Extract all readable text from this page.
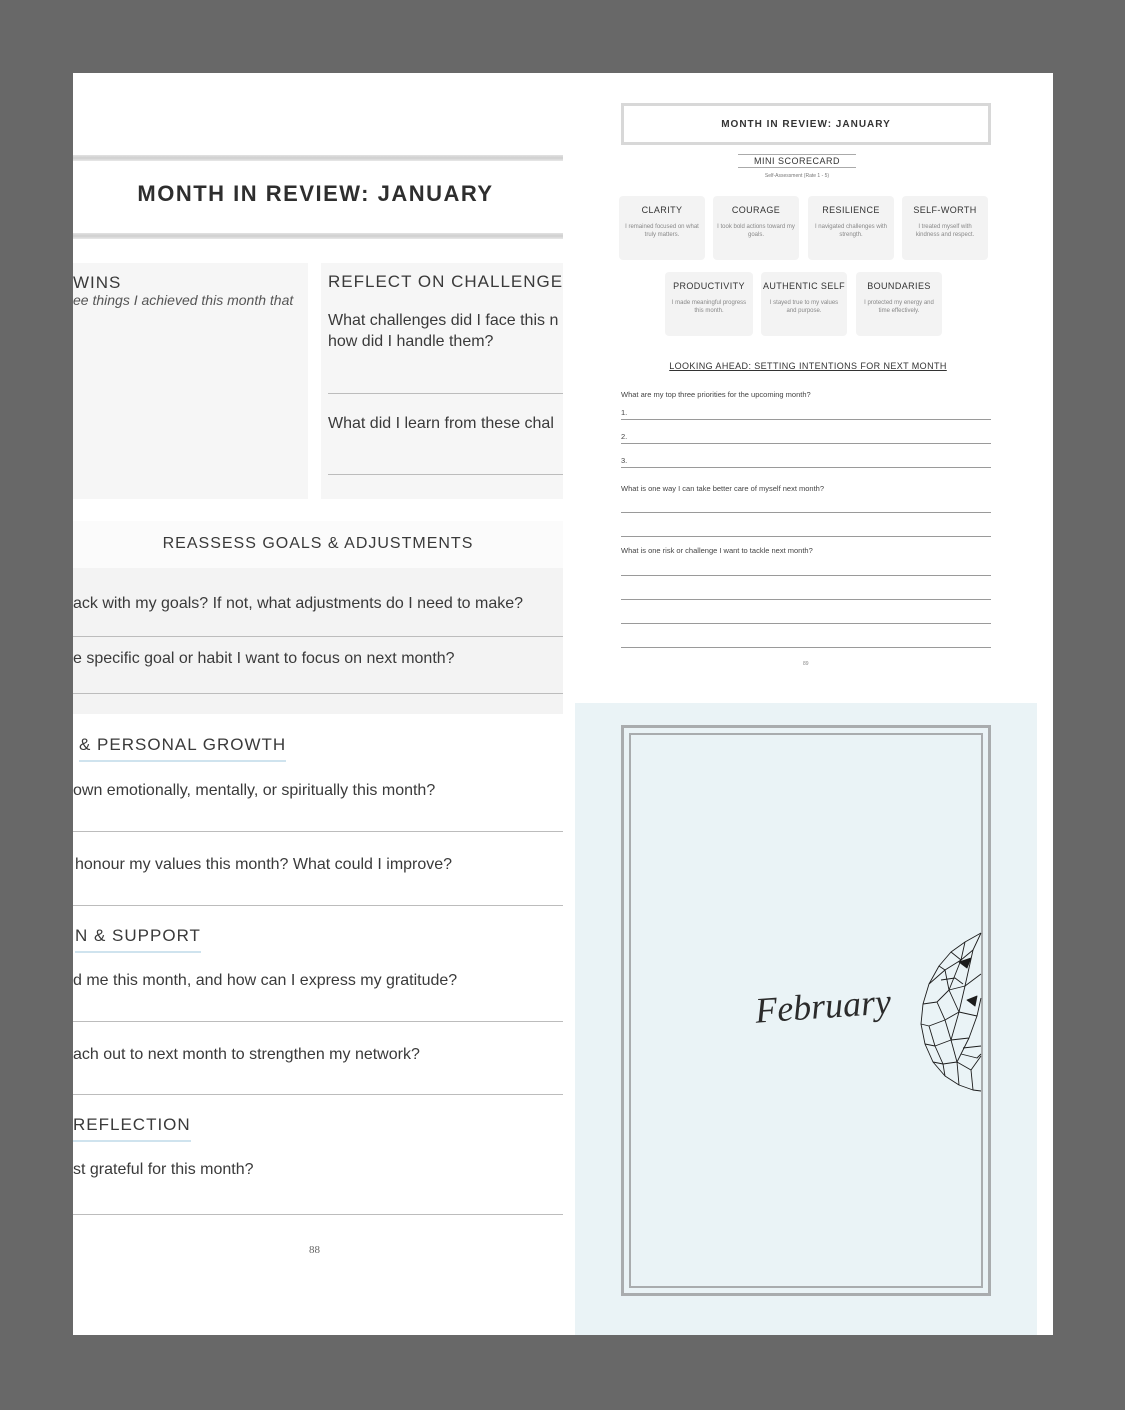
MONTH IN REVIEW: JANUARY
WINS
ee things I achieved this month that
REFLECT ON CHALLENGE
What challenges did I face this n
how did I handle them?
What did I learn from these chal
REASSESS GOALS & ADJUSTMENTS
ack with my goals? If not, what adjustments do I need to make?
e specific goal or habit I want to focus on next month?
& PERSONAL GROWTH
own emotionally, mentally, or spiritually this month?
honour my values this month? What could I improve?
N & SUPPORT
d me this month, and how can I express my gratitude?
ach out to next month to strengthen my network?
REFLECTION
st grateful for this month?
88
MONTH IN REVIEW: JANUARY
MINI SCORECARD
Self-Assessment (Rate 1 - 5)
CLARITY
I remained focused on what truly matters.
COURAGE
I took bold actions toward my goals.
RESILIENCE
I navigated challenges with strength.
SELF-WORTH
I treated myself with kindness and respect.
PRODUCTIVITY
I made meaningful progress this month.
AUTHENTIC SELF
I stayed true to my values and purpose.
BOUNDARIES
I protected my energy and time effectively.
LOOKING AHEAD: SETTING INTENTIONS FOR NEXT MONTH
What are my top three priorities for the upcoming month?
1.
2.
3.
What is one way I can take better care of myself next month?
What is one risk or challenge I want to tackle next month?
89
February
